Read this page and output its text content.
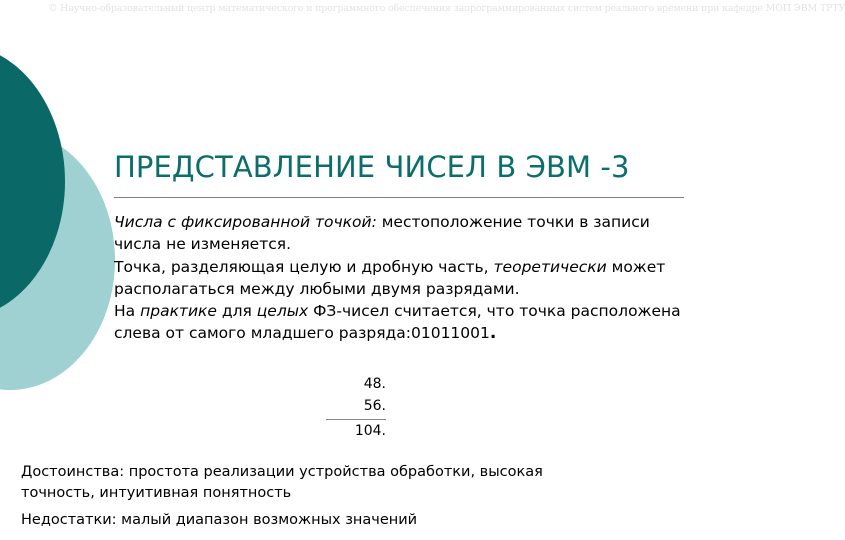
© Научно-образовательный центр математического и программного обеспечения запрограммированных систем реального времени при кафедре МОП ЭВМ ТРТУ
ПРЕДСТАВЛЕНИЕ ЧИСЕЛ В ЭВМ -3

Числа с фиксированной точкой: местоположение точки в записи числа не изменяется.

Точка, разделяющая целую и дробную часть, теоретически может располагаться между любыми двумя разрядами.

На практике для целых ФЗ-чисел считается, что точка расположена слева от самого младшего разряда:01011001.

48.
56.
104.
Достоинства: простота реализации устройства обработки, высокая точность, интуитивная понятность
Недостатки: малый диапазон возможных значений
